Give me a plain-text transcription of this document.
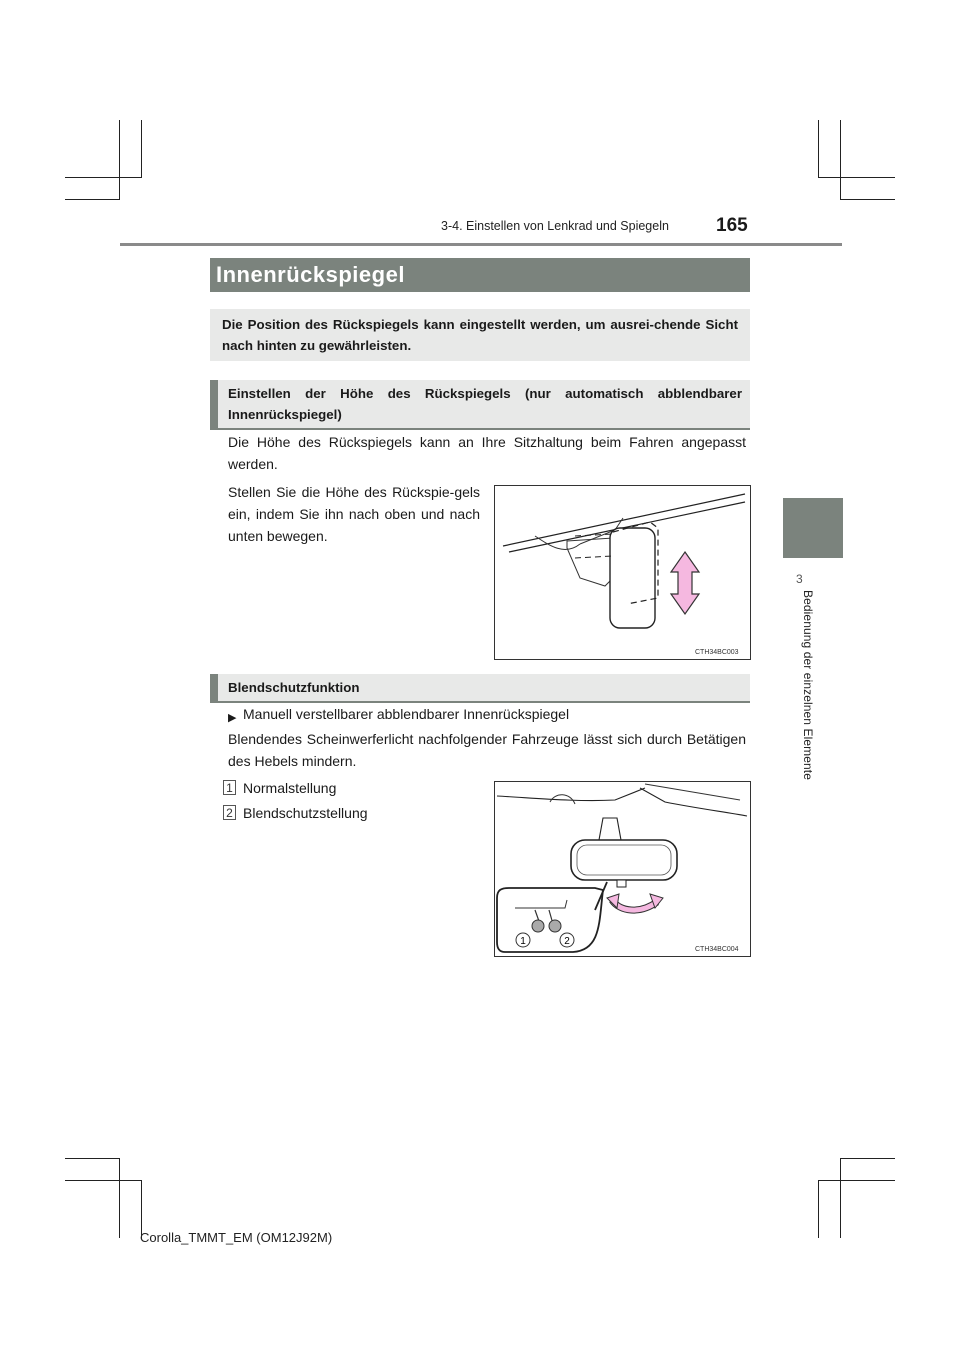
3-4. Einstellen von Lenkrad und Spiegeln 165
3
Bedienung der einzelnen Elemente
Innenrückspiegel
Die Position des Rückspiegels kann eingestellt werden, um ausrei-chende Sicht nach hinten zu gewährleisten.
Einstellen der Höhe des Rückspiegels (nur automatisch abblendbarer Innenrückspiegel)
Die Höhe des Rückspiegels kann an Ihre Sitzhaltung beim Fahren angepasst werden.
Stellen Sie die Höhe des Rückspie-gels ein, indem Sie ihn nach oben und nach unten bewegen.
CTH34BC003
Blendschutzfunktion
▶ Manuell verstellbarer abblendbarer Innenrückspiegel
Blendendes Scheinwerferlicht nachfolgender Fahrzeuge lässt sich durch Betätigen des Hebels mindern.
1 Normalstellung
2 Blendschutzstellung
1	2
CTH34BC004
Corolla_TMMT_EM (OM12J92M)
